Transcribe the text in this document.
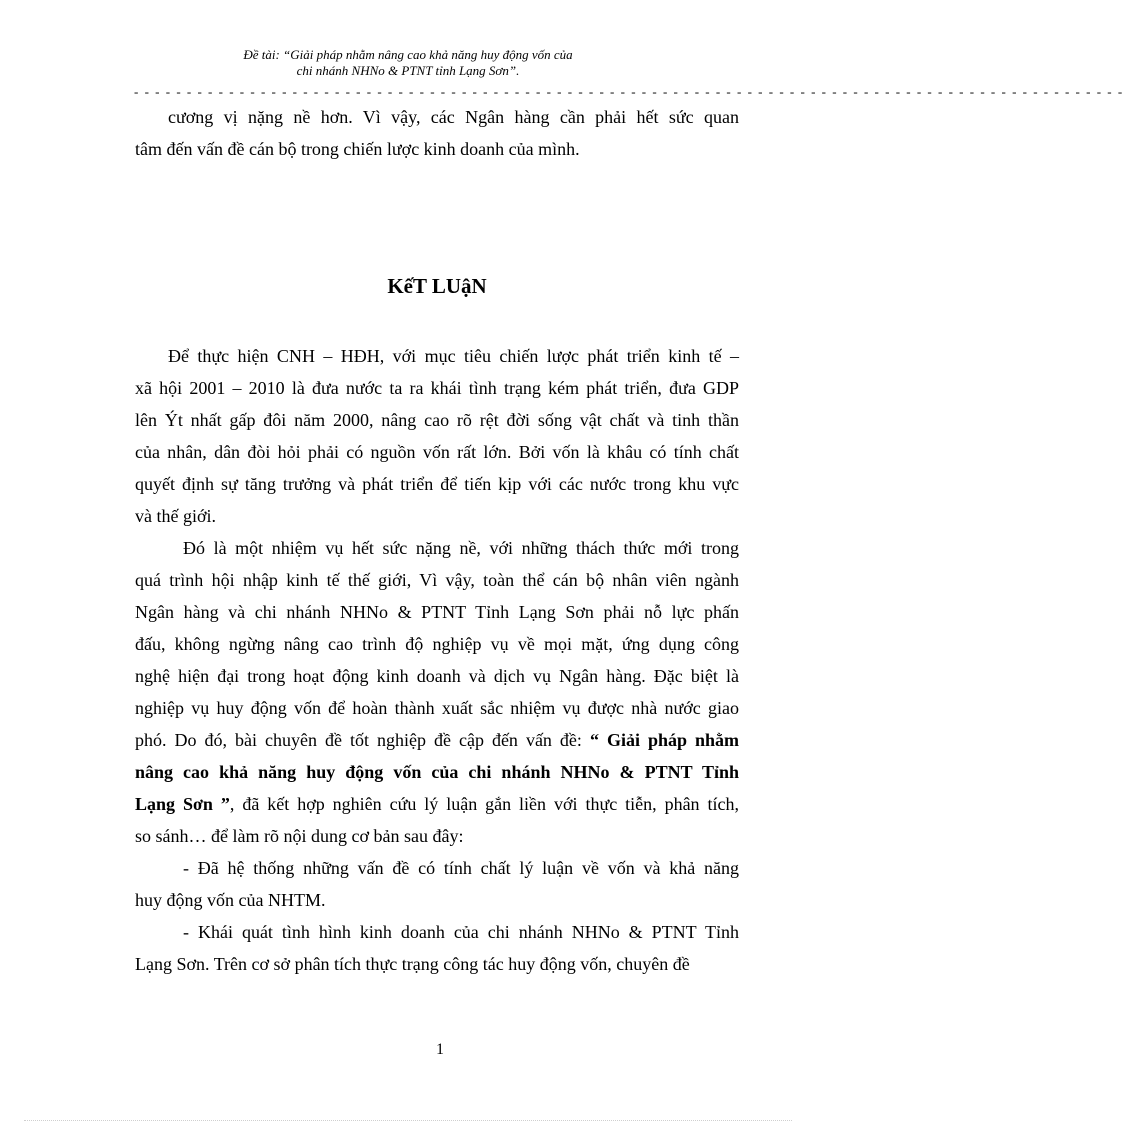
Đề tài: “Giải pháp nhằm nâng cao khả năng huy động vốn của
chi nhánh NHNo & PTNT tỉnh Lạng Sơn”.
- - - - - - - - - - - - - - - - - - - - - - - - - - - - - - - - - - - - - - - - - - - - - - - - - - - - - - - - - - - - - - - - - - - - - - - - - - - - - - - - - - - - - - - - - - - - - -
cương vị nặng nề hơn. Vì vậy, các Ngân hàng cần phải hết sức quan
tâm đến vấn đề cán bộ trong chiến lược kinh doanh của mình.
KếT LUậN
Để thực hiện CNH – HĐH, với mục tiêu chiến lược phát triển kinh tế –
xã hội 2001 – 2010 là đưa nước ta ra khái tình trạng kém phát triển, đưa GDP
lên Ýt nhất gấp đôi năm 2000, nâng cao rõ rệt đời sống vật chất và tinh thần
của nhân, dân đòi hỏi phải có nguồn vốn rất lớn. Bởi vốn là khâu có tính chất
quyết định sự tăng trưởng và phát triển để tiến kịp với các nước trong khu vực
và thế giới.
Đó là một nhiệm vụ hết sức nặng nề, với những thách thức mới trong
quá trình hội nhập kinh tế thế giới, Vì vậy, toàn thể cán bộ nhân viên ngành
Ngân hàng và chi nhánh NHNo & PTNT Tỉnh Lạng Sơn phải nỗ lực phấn
đấu, không ngừng nâng cao trình độ nghiệp vụ về mọi mặt, ứng dụng công
nghệ hiện đại trong hoạt động kinh doanh và dịch vụ Ngân hàng. Đặc biệt là
nghiệp vụ huy động vốn để hoàn thành xuất sắc nhiệm vụ được nhà nước giao
phó. Do đó, bài chuyên đề tốt nghiệp đề cập đến vấn đề: “ Giải pháp nhằm
nâng cao khả năng huy động vốn của chi nhánh NHNo & PTNT Tỉnh
Lạng Sơn ”, đã kết hợp nghiên cứu lý luận gắn liền với thực tiễn, phân tích,
so sánh… để làm rõ nội dung cơ bản sau đây:
- Đã hệ thống những vấn đề có tính chất lý luận về vốn và khả năng
huy động vốn của NHTM.
- Khái quát tình hình kinh doanh của chi nhánh NHNo & PTNT Tỉnh
Lạng Sơn. Trên cơ sở phân tích thực trạng công tác huy động vốn, chuyên đề
1
